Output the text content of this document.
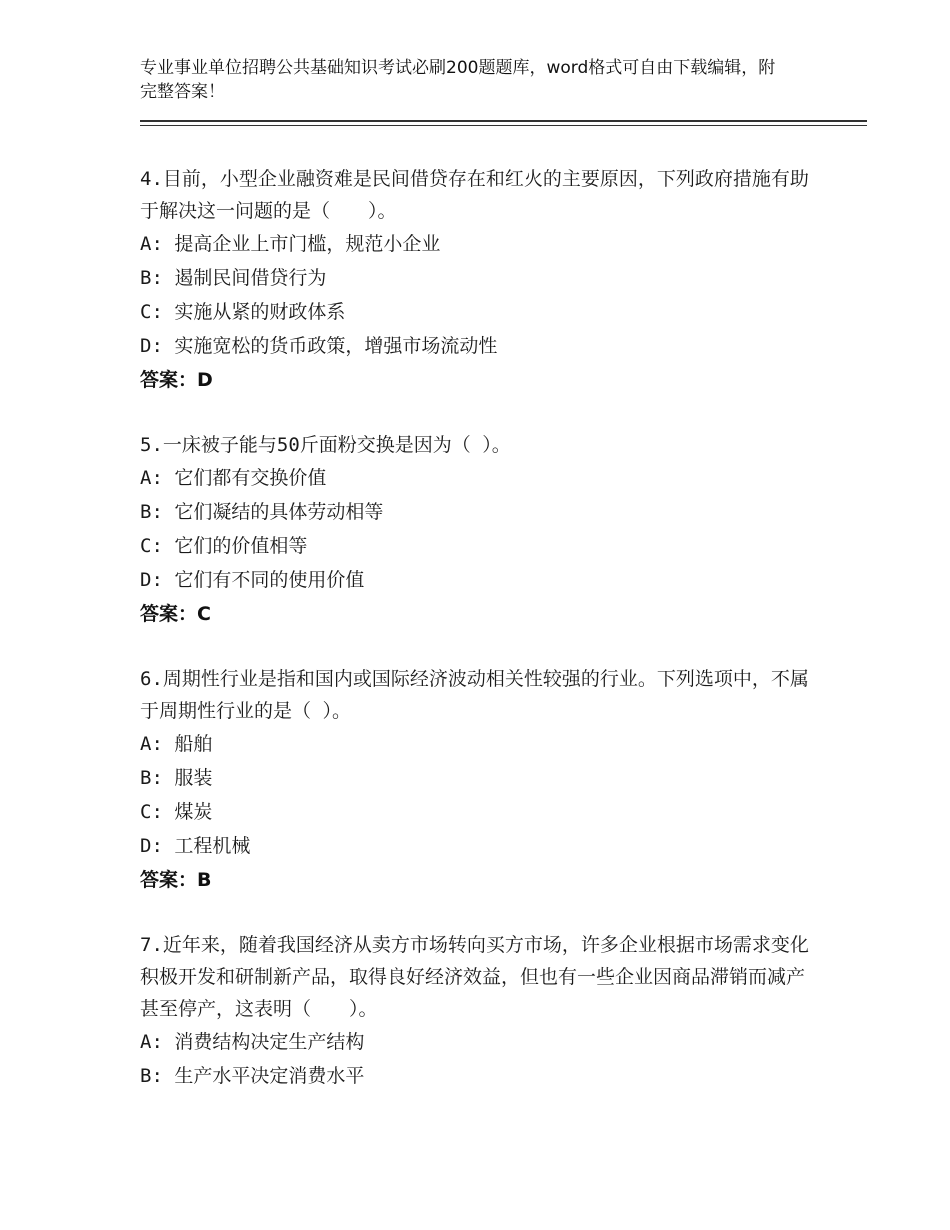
专业事业单位招聘公共基础知识考试必刷200题题库，word格式可自由下载编辑，附完整答案！
4.目前，小型企业融资难是民间借贷存在和红火的主要原因，下列政府措施有助于解决这一问题的是（　　）。
A: 提高企业上市门槛，规范小企业
B: 遏制民间借贷行为
C: 实施从紧的财政体系
D: 实施宽松的货币政策，增强市场流动性
答案：D
5.一床被子能与50斤面粉交换是因为（ ）。
A: 它们都有交换价值
B: 它们凝结的具体劳动相等
C: 它们的价值相等
D: 它们有不同的使用价值
答案：C
6.周期性行业是指和国内或国际经济波动相关性较强的行业。下列选项中，不属于周期性行业的是（ ）。
A: 船舶
B: 服装
C: 煤炭
D: 工程机械
答案：B
7.近年来，随着我国经济从卖方市场转向买方市场，许多企业根据市场需求变化积极开发和研制新产品，取得良好经济效益，但也有一些企业因商品滞销而减产甚至停产，这表明（　　）。
A: 消费结构决定生产结构
B: 生产水平决定消费水平
